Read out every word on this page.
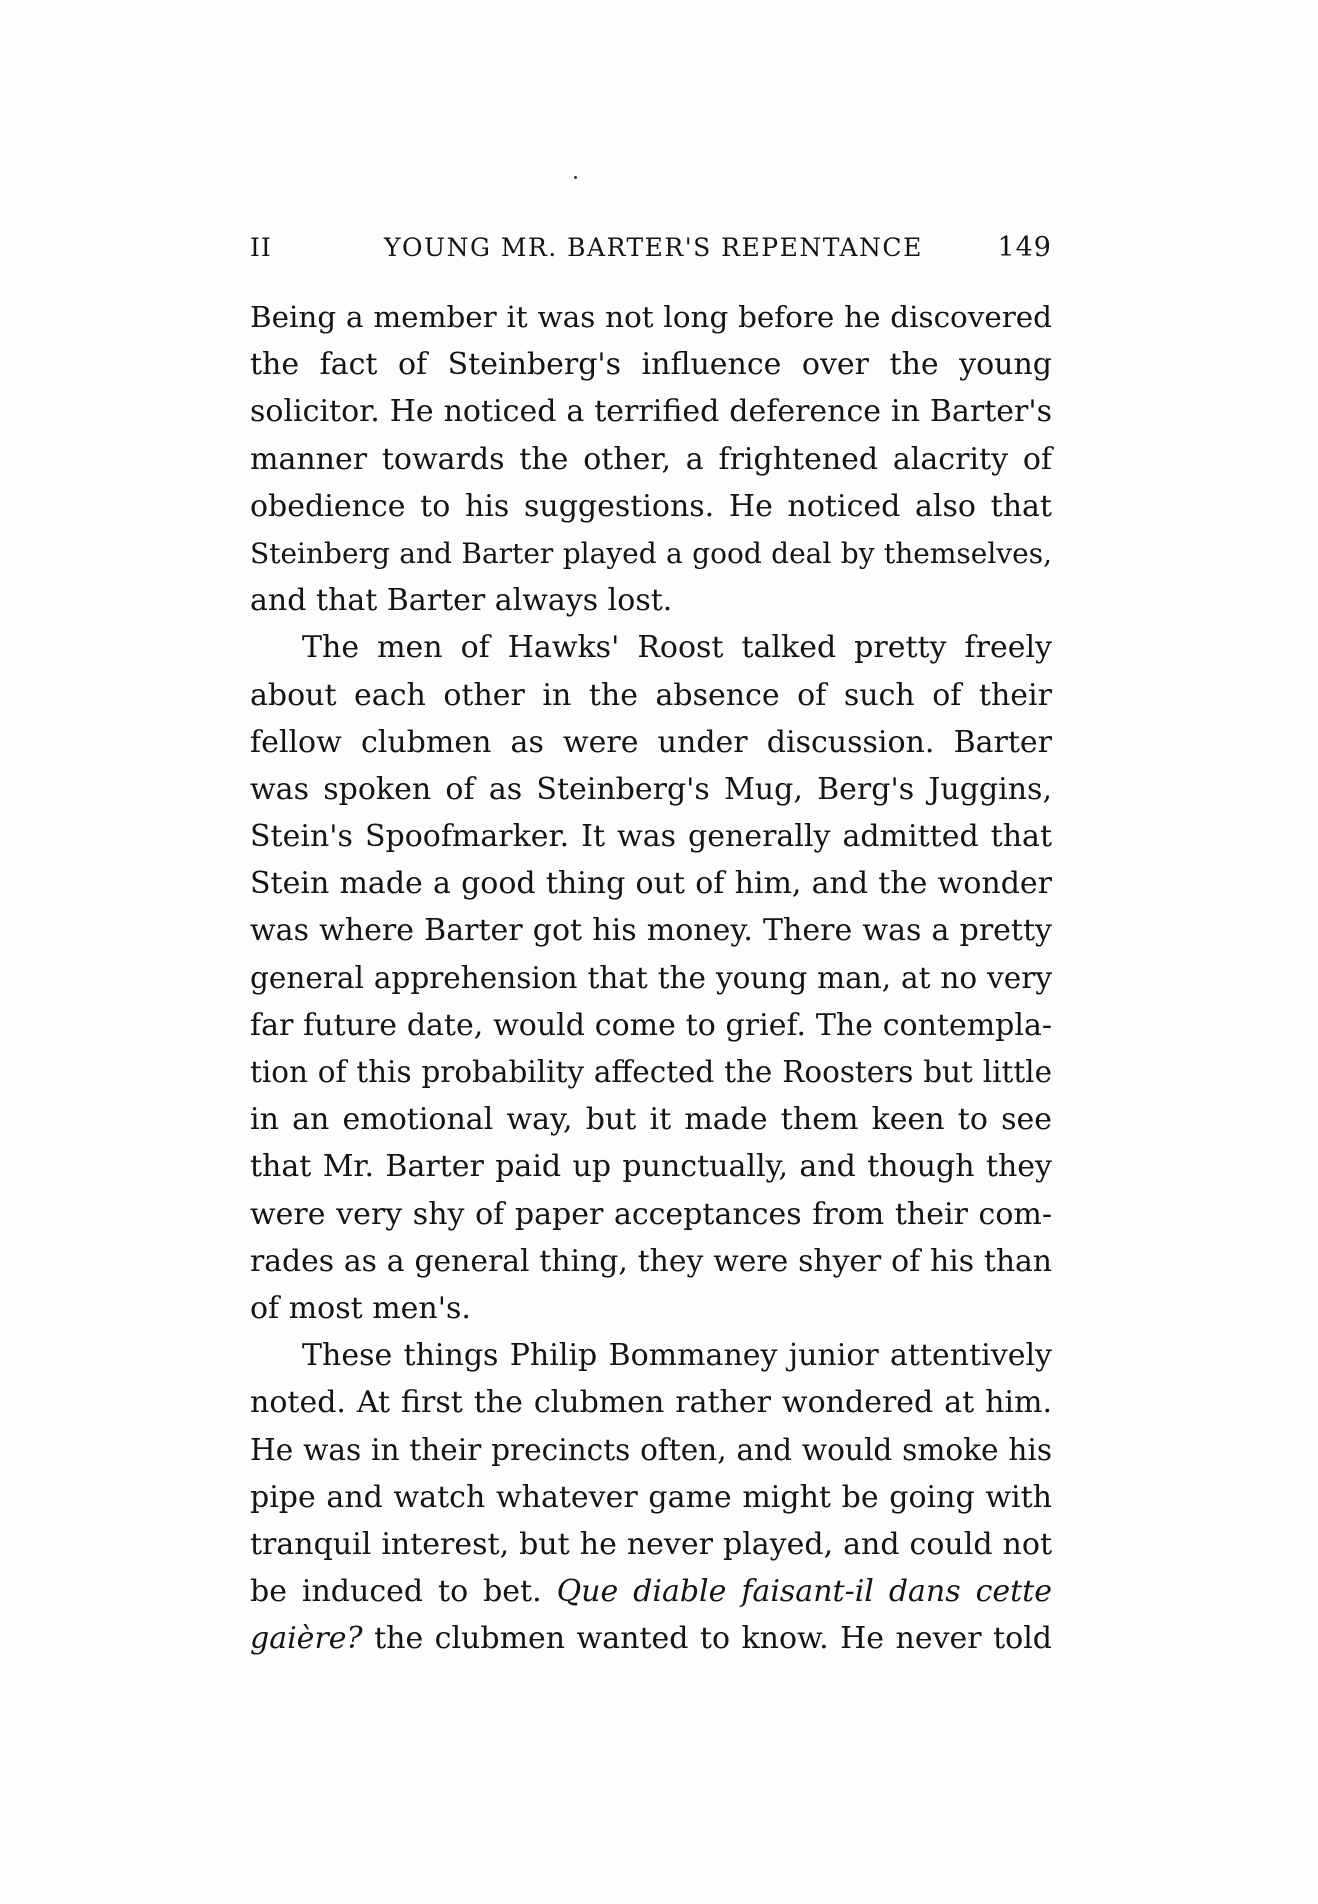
II	YOUNG MR. BARTER'S REPENTANCE	149
Being a member it was not long before he discovered
the fact of Steinberg's influence over the young
solicitor. He noticed a terrified deference in Barter's
manner towards the other, a frightened alacrity of
obedience to his suggestions. He noticed also that
Steinberg and Barter played a good deal by themselves,
and that Barter always lost.
The men of Hawks' Roost talked pretty freely
about each other in the absence of such of their
fellow clubmen as were under discussion. Barter
was spoken of as Steinberg's Mug, Berg's Juggins,
Stein's Spoofmarker. It was generally admitted that
Stein made a good thing out of him, and the wonder
was where Barter got his money. There was a pretty
general apprehension that the young man, at no very
far future date, would come to grief. The contempla-
tion of this probability affected the Roosters but little
in an emotional way, but it made them keen to see
that Mr. Barter paid up punctually, and though they
were very shy of paper acceptances from their com-
rades as a general thing, they were shyer of his than
of most men's.
These things Philip Bommaney junior attentively
noted. At first the clubmen rather wondered at him.
He was in their precincts often, and would smoke his
pipe and watch whatever game might be going with
tranquil interest, but he never played, and could not
be induced to bet. Que diable faisant-il dans cette
gaière? the clubmen wanted to know. He never told
